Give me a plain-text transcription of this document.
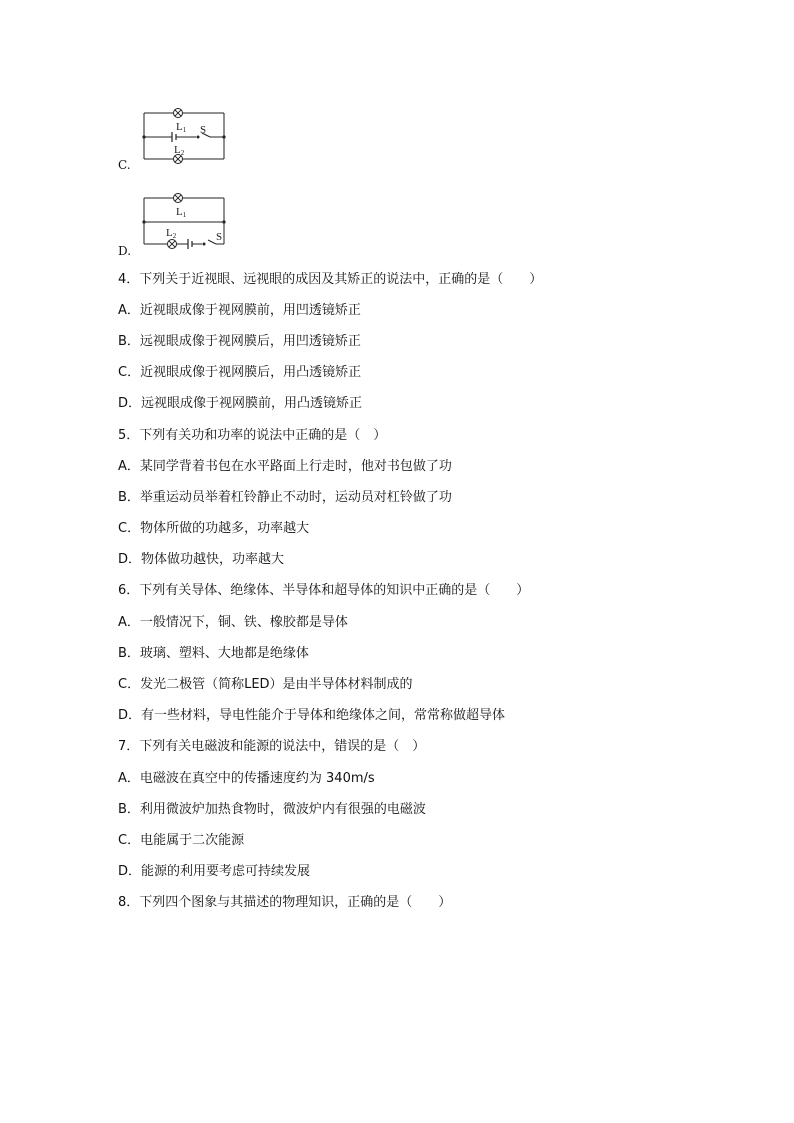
C.
L1 S
L2
D.
L1
L2	S
4．下列关于近视眼、远视眼的成因及其矫正的说法中，正确的是（　　）
A．近视眼成像于视网膜前，用凹透镜矫正
B．远视眼成像于视网膜后，用凹透镜矫正
C．近视眼成像于视网膜后，用凸透镜矫正
D．远视眼成像于视网膜前，用凸透镜矫正
5．下列有关功和功率的说法中正确的是（　）
A．某同学背着书包在水平路面上行走时，他对书包做了功
B．举重运动员举着杠铃静止不动时，运动员对杠铃做了功
C．物体所做的功越多，功率越大
D．物体做功越快，功率越大
6．下列有关导体、绝缘体、半导体和超导体的知识中正确的是（　　）
A．一般情况下，铜、铁、橡胶都是导体
B．玻璃、塑料、大地都是绝缘体
C．发光二极管（简称LED）是由半导体材料制成的
D．有一些材料，导电性能介于导体和绝缘体之间，常常称做超导体
7．下列有关电磁波和能源的说法中，错误的是（　）
A．电磁波在真空中的传播速度约为 340m/s
B．利用微波炉加热食物时，微波炉内有很强的电磁波
C．电能属于二次能源
D．能源的利用要考虑可持续发展
8．下列四个图象与其描述的物理知识，正确的是（　　）
